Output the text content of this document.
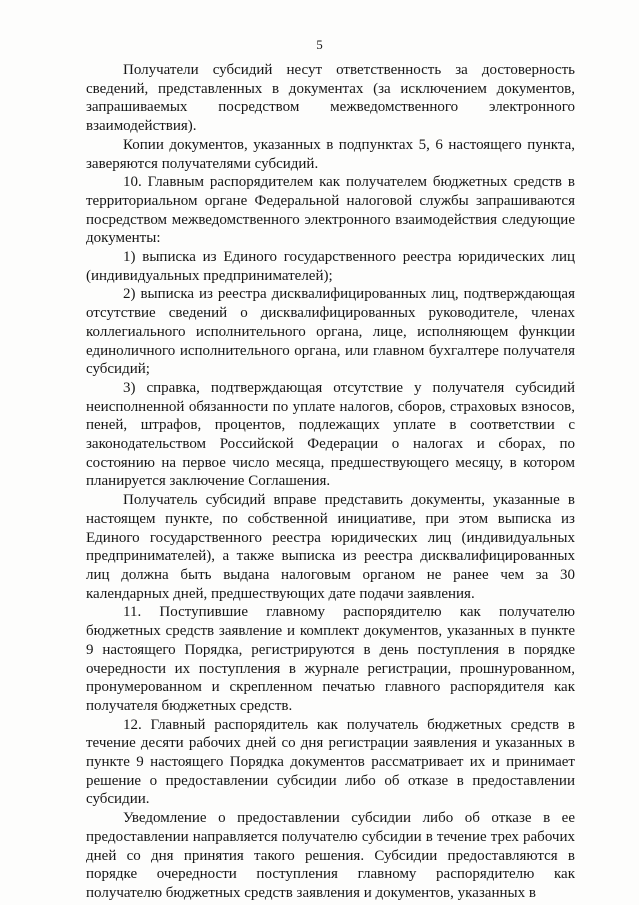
5

Получатели субсидий несут ответственность за достоверность сведений, представленных в документах (за исключением документов, запрашиваемых посредством межведомственного электронного взаимодействия).

Копии документов, указанных в подпунктах 5, 6 настоящего пункта, заверяются получателями субсидий.

10. Главным распорядителем как получателем бюджетных средств в территориальном органе Федеральной налоговой службы запрашиваются посредством межведомственного электронного взаимодействия следующие документы:

1) выписка из Единого государственного реестра юридических лиц (индивидуальных предпринимателей);

2) выписка из реестра дисквалифицированных лиц, подтверждающая отсутствие сведений о дисквалифицированных руководителе, членах коллегиального исполнительного органа, лице, исполняющем функции единоличного исполнительного органа, или главном бухгалтере получателя субсидий;

3) справка, подтверждающая отсутствие у получателя субсидий неисполненной обязанности по уплате налогов, сборов, страховых взносов, пеней, штрафов, процентов, подлежащих уплате в соответствии с законодательством Российской Федерации о налогах и сборах, по состоянию на первое число месяца, предшествующего месяцу, в котором планируется заключение Соглашения.

Получатель субсидий вправе представить документы, указанные в настоящем пункте, по собственной инициативе, при этом выписка из Единого государственного реестра юридических лиц (индивидуальных предпринимателей), а также выписка из реестра дисквалифицированных лиц должна быть выдана налоговым органом не ранее чем за 30 календарных дней, предшествующих дате подачи заявления.

11. Поступившие главному распорядителю как получателю бюджетных средств заявление и комплект документов, указанных в пункте 9 настоящего Порядка, регистрируются в день поступления в порядке очередности их поступления в журнале регистрации, прошнурованном, пронумерованном и скрепленном печатью главного распорядителя как получателя бюджетных средств.

12. Главный распорядитель как получатель бюджетных средств в течение десяти рабочих дней со дня регистрации заявления и указанных в пункте 9 настоящего Порядка документов рассматривает их и принимает решение о предоставлении субсидии либо об отказе в предоставлении субсидии.

Уведомление о предоставлении субсидии либо об отказе в ее предоставлении направляется получателю субсидии в течение трех рабочих дней со дня принятия такого решения. Субсидии предоставляются в порядке очередности поступления главному распорядителю как получателю бюджетных средств заявления и документов, указанных в
